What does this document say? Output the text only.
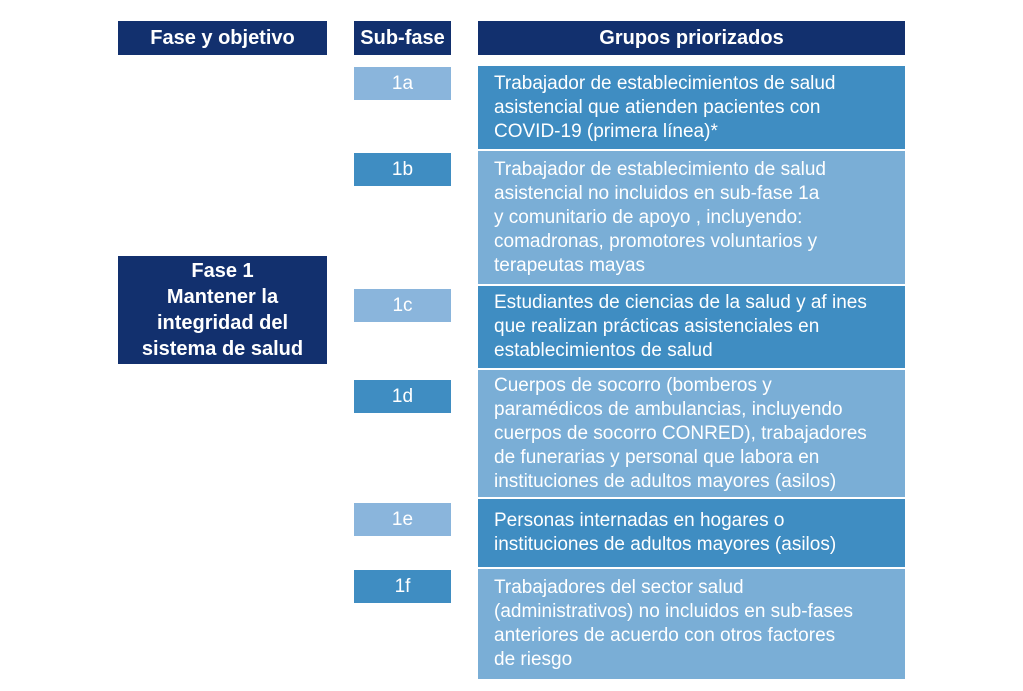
Fase y objetivo	Sub-fase	Grupos priorizados
Fase 1
Mantener la
integridad del
sistema de salud
1a
1b
1c
1d
1e
1f
Trabajador de establecimientos de salud
asistencial que atienden pacientes con
COVID-19 (primera línea)*
Trabajador de establecimiento de salud
asistencial no incluidos en sub-fase 1a
y comunitario de apoyo , incluyendo:
comadronas, promotores voluntarios y
terapeutas mayas
Estudiantes de ciencias de la salud y af ines
que realizan prácticas asistenciales en
establecimientos de salud
Cuerpos de socorro (bomberos y
paramédicos de ambulancias, incluyendo
cuerpos de socorro CONRED), trabajadores
de funerarias y personal que labora en
instituciones de adultos mayores (asilos)
Personas internadas en hogares o
instituciones de adultos mayores (asilos)
Trabajadores del sector salud
(administrativos) no incluidos en sub-fases
anteriores de acuerdo con otros factores
de riesgo
